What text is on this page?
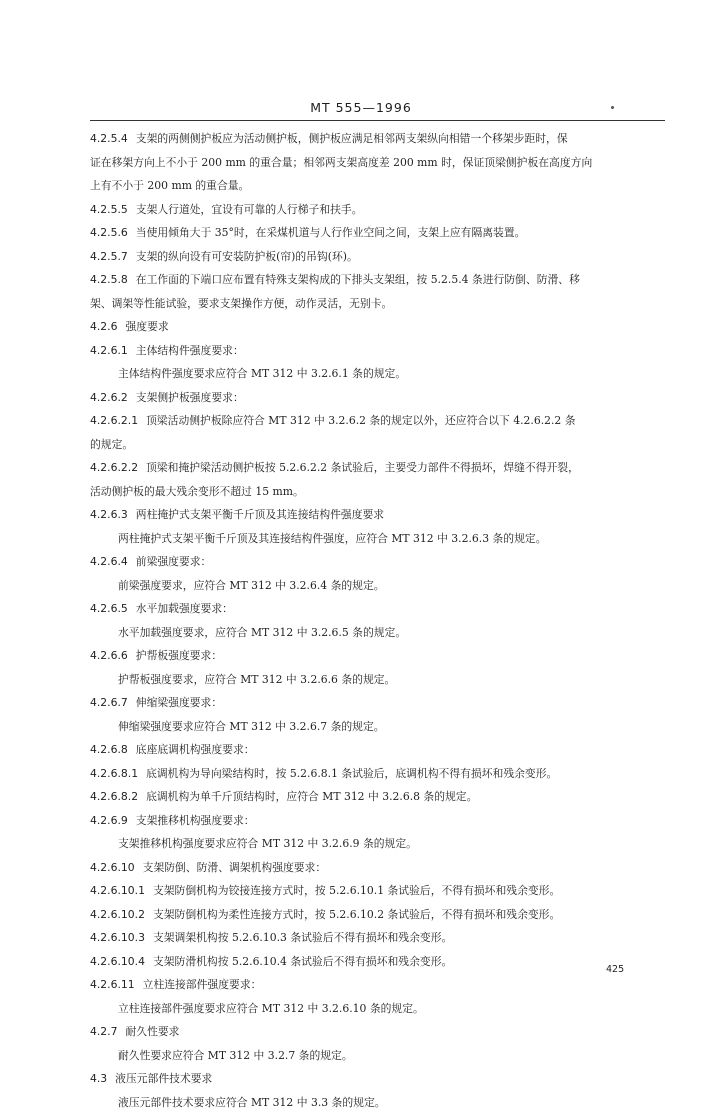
MT 555—1996
4.2.5.4 支架的两侧侧护板应为活动侧护板，侧护板应满足相邻两支架纵向相错一个移架步距时，保
证在移架方向上不小于 200 mm 的重合量；相邻两支架高度差 200 mm 时，保证顶梁侧护板在高度方向
上有不小于 200 mm 的重合量。
4.2.5.5 支架人行道处，宜设有可靠的人行梯子和扶手。
4.2.5.6 当使用倾角大于 35°时，在采煤机道与人行作业空间之间，支架上应有隔离装置。
4.2.5.7 支架的纵向设有可安装防护板(帘)的吊钩(环)。
4.2.5.8 在工作面的下端口应布置有特殊支架构成的下排头支架组，按 5.2.5.4 条进行防倒、防滑、移
架、调架等性能试验，要求支架操作方便，动作灵活，无别卡。
4.2.6 强度要求
4.2.6.1 主体结构件强度要求：
主体结构件强度要求应符合 MT 312 中 3.2.6.1 条的规定。
4.2.6.2 支架侧护板强度要求：
4.2.6.2.1 顶梁活动侧护板除应符合 MT 312 中 3.2.6.2 条的规定以外，还应符合以下 4.2.6.2.2 条
的规定。
4.2.6.2.2 顶梁和掩护梁活动侧护板按 5.2.6.2.2 条试验后，主要受力部件不得损坏，焊缝不得开裂，
活动侧护板的最大残余变形不超过 15 mm。
4.2.6.3 两柱掩护式支架平衡千斤顶及其连接结构件强度要求
两柱掩护式支架平衡千斤顶及其连接结构件强度，应符合 MT 312 中 3.2.6.3 条的规定。
4.2.6.4 前梁强度要求：
前梁强度要求，应符合 MT 312 中 3.2.6.4 条的规定。
4.2.6.5 水平加载强度要求：
水平加载强度要求，应符合 MT 312 中 3.2.6.5 条的规定。
4.2.6.6 护帮板强度要求：
护帮板强度要求，应符合 MT 312 中 3.2.6.6 条的规定。
4.2.6.7 伸缩梁强度要求：
伸缩梁强度要求应符合 MT 312 中 3.2.6.7 条的规定。
4.2.6.8 底座底调机构强度要求：
4.2.6.8.1 底调机构为导向梁结构时，按 5.2.6.8.1 条试验后，底调机构不得有损坏和残余变形。
4.2.6.8.2 底调机构为单千斤顶结构时，应符合 MT 312 中 3.2.6.8 条的规定。
4.2.6.9 支架推移机构强度要求：
支架推移机构强度要求应符合 MT 312 中 3.2.6.9 条的规定。
4.2.6.10 支架防倒、防滑、调架机构强度要求：
4.2.6.10.1 支架防倒机构为铰接连接方式时，按 5.2.6.10.1 条试验后，不得有损坏和残余变形。
4.2.6.10.2 支架防倒机构为柔性连接方式时，按 5.2.6.10.2 条试验后，不得有损坏和残余变形。
4.2.6.10.3 支架调架机构按 5.2.6.10.3 条试验后不得有损坏和残余变形。
4.2.6.10.4 支架防滑机构按 5.2.6.10.4 条试验后不得有损坏和残余变形。
4.2.6.11 立柱连接部件强度要求：
立柱连接部件强度要求应符合 MT 312 中 3.2.6.10 条的规定。
4.2.7 耐久性要求
耐久性要求应符合 MT 312 中 3.2.7 条的规定。
4.3 液压元部件技术要求
液压元部件技术要求应符合 MT 312 中 3.3 条的规定。
425
